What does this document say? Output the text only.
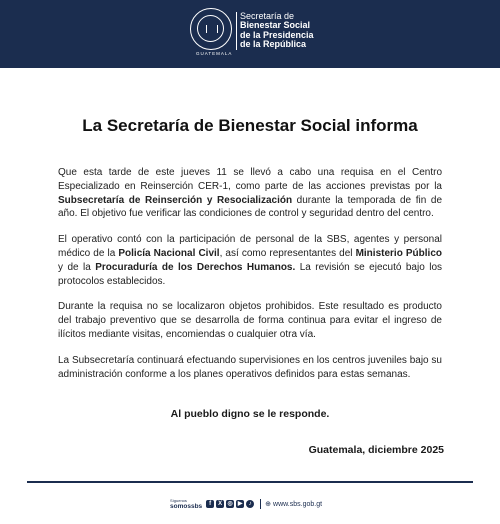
GUATEMALA
Secretaría de
Bienestar Social
de la Presidencia
de la República
La Secretaría de Bienestar Social informa

Que esta tarde de este jueves 11 se llevó a cabo una requisa en el Centro Especializado en Reinserción CER-1, como parte de las acciones previstas por la Subsecretaría de Reinserción y Resocialización durante la temporada de fin de año. El objetivo fue verificar las condiciones de control y seguridad dentro del centro.

El operativo contó con la participación de personal de la SBS, agentes y personal médico de la Policía Nacional Civil, así como representantes del Ministerio Público y de la Procuraduría de los Derechos Humanos. La revisión se ejecutó bajo los protocolos establecidos.

Durante la requisa no se localizaron objetos prohibidos. Este resultado es producto del trabajo preventivo que se desarrolla de forma continua para evitar el ingreso de ilícitos mediante visitas, encomiendas o cualquier otra vía.

La Subsecretaría continuará efectuando supervisiones en los centros juveniles bajo su administración conforme a los planes operativos definidos para estas semanas.

Al pueblo digno se le responde.
Guatemala, diciembre 2025
Síguenos
somossbs	f	X ◎ ▶	♪	⊕ www.sbs.gob.gt
